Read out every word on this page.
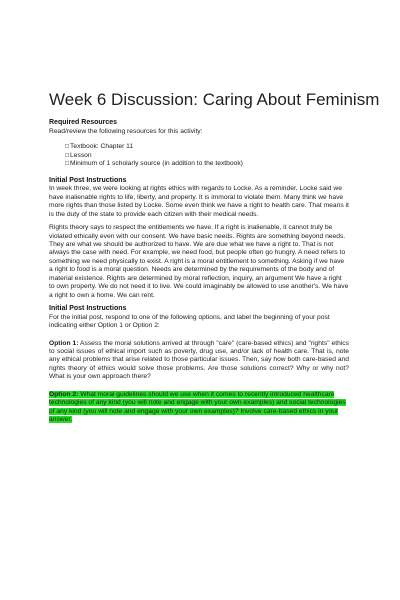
Week 6 Discussion: Caring About Feminism

Required Resources

Read/review the following resources for this activity:

□Textbook: Chapter 11
□Lesson
□Minimum of 1 scholarly source (in addition to the textbook)

Initial Post Instructions

In week three, we were looking at rights ethics with regards to Locke. As a reminder, Locke said we have inalienable rights to life, liberty, and property. It is immoral to violate them. Many think we have more rights than those listed by Locke. Some even think we have a right to health care. That means it is the duty of the state to provide each citizen with their medical needs.

Rights theory says to respect the entitlements we have. If a right is inalienable, it cannot truly be violated ethically even with our consent. We have basic needs. Rights are something beyond needs. They are what we should be authorized to have. We are due what we have a right to. That is not always the case with need. For example, we need food, but people often go hungry. A need refers to something we need physically to exist. A right is a moral entitlement to something. Asking if we have a right to food is a moral question. Needs are determined by the requirements of the body and of material existence. Rights are determined by moral reflection, inquiry, an argument We have a right to own property. We do not need it to live. We could imaginably be allowed to use another's. We have a right to own a home. We can rent.

Initial Post Instructions

For the initial post, respond to one of the following options, and label the beginning of your post indicating either Option 1 or Option 2:

Option 1: Assess the moral solutions arrived at through "care" (care-based ethics) and "rights" ethics to social issues of ethical import such as poverty, drug use, and/or lack of health care. That is, note any ethical problems that arise related to those particular issues. Then, say how both care-based and rights theory of ethics would solve those problems. Are those solutions correct? Why or why not? What is your own approach there?

Option 2: What moral guidelines should we use when it comes to recently introduced healthcare technologies of any kind (you will note and engage with your own examples) and social technologies of any kind (you will note and engage with your own examples)? Involve care-based ethics in your answer.
